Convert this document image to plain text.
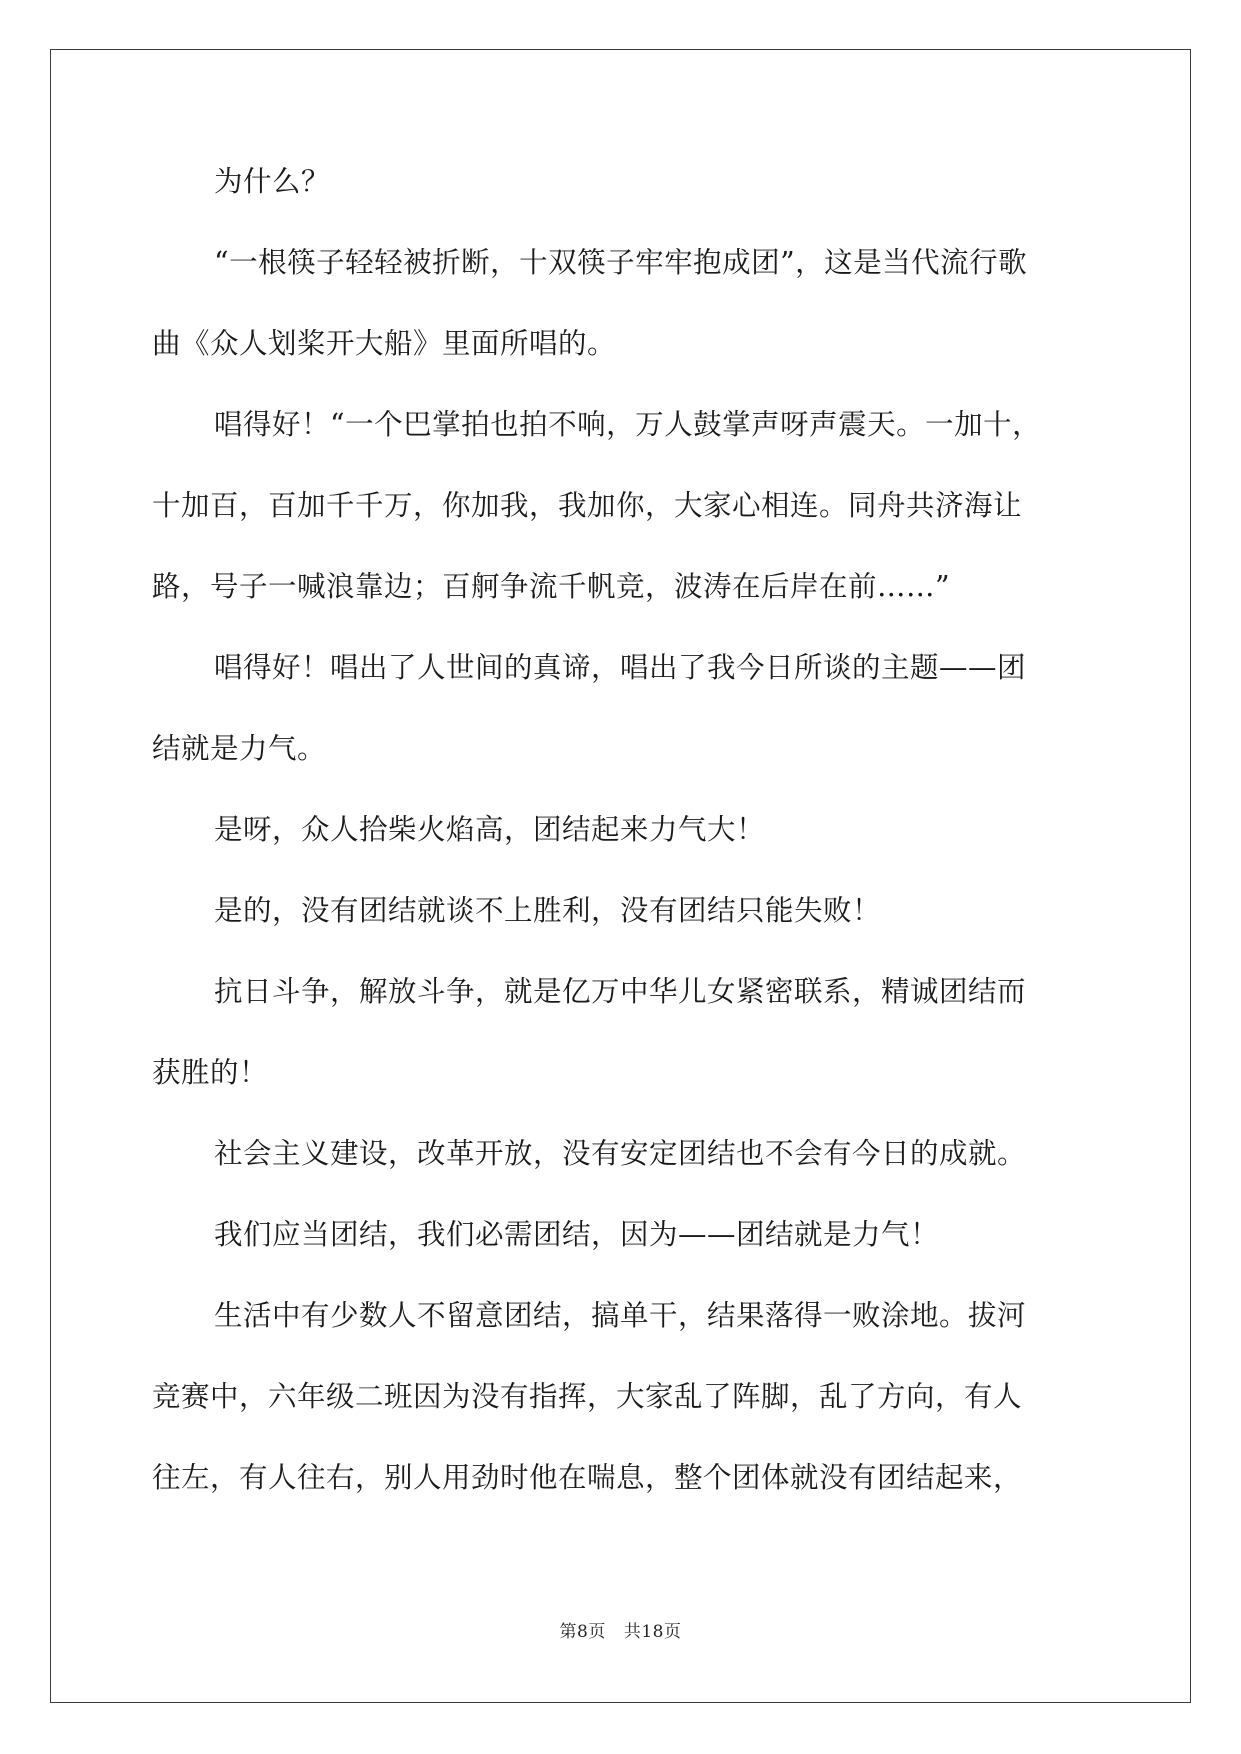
为什么？
“一根筷子轻轻被折断，十双筷子牢牢抱成团”，这是当代流行歌
曲《众人划桨开大船》里面所唱的。
唱得好！“一个巴掌拍也拍不响，万人鼓掌声呀声震天。一加十，
十加百，百加千千万，你加我，我加你，大家心相连。同舟共济海让
路，号子一喊浪靠边；百舸争流千帆竞，波涛在后岸在前……”
唱得好！唱出了人世间的真谛，唱出了我今日所谈的主题——团
结就是力气。
是呀，众人拾柴火焰高，团结起来力气大！
是的，没有团结就谈不上胜利，没有团结只能失败！
抗日斗争，解放斗争，就是亿万中华儿女紧密联系，精诚团结而
获胜的！
社会主义建设，改革开放，没有安定团结也不会有今日的成就。
我们应当团结，我们必需团结，因为——团结就是力气！
生活中有少数人不留意团结，搞单干，结果落得一败涂地。拔河
竞赛中，六年级二班因为没有指挥，大家乱了阵脚，乱了方向，有人
往左，有人往右，别人用劲时他在喘息，整个团体就没有团结起来，
第8页 共18页
